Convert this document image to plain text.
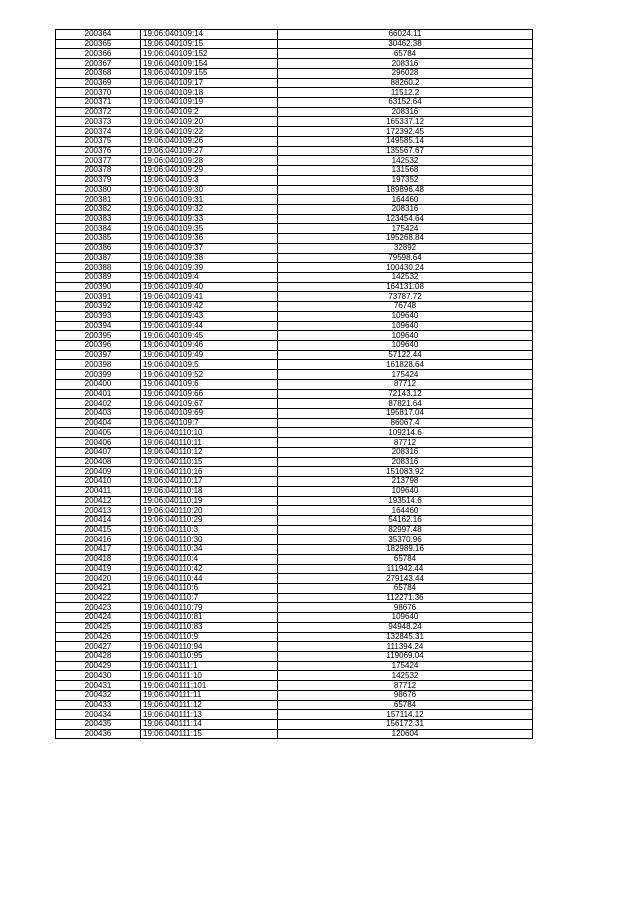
200364	19:06:040109:14	66024.11
200365	19:06:040109:15	30462.38
200366	19:06:040109:152	65784
200367	19:06:040109:154	208316
200368	19:06:040109:155	296028
200369	19:06:040109:17	88260.2
200370	19:06:040109:18	11512.2
200371	19:06:040109:19	63152.64
200372	19:06:040109:2	208316
200373	19:06:040109:20	165337.12
200374	19:06:040109:22	172392.45
200375	19:06:040109:26	149585.14
200376	19:06:040109:27	135567.67
200377	19:06:040109:28	142532
200378	19:06:040109:29	131568
200379	19:06:040109:3	197352
200380	19:06:040109:30	189896.48
200381	19:06:040109:31	164460
200382	19:06:040109:32	208316
200383	19:06:040109:33	123454.64
200384	19:06:040109:35	175424
200385	19:06:040109:36	195268.84
200386	19:06:040109:37	32892
200387	19:06:040109:38	79598.64
200388	19:06:040109:39	100430.24
200389	19:06:040109:4	142532
200390	19:06:040109:40	164131.08
200391	19:06:040109:41	73787.72
200392	19:06:040109:42	76748
200393	19:06:040109:43	109640
200394	19:06:040109:44	109640
200395	19:06:040109:45	109640
200396	19:06:040109:46	109640
200397	19:06:040109:49	57122.44
200398	19:06:040109:5	161828.64
200399	19:06:040109:52	175424
200400	19:06:040109:6	87712
200401	19:06:040109:66	72143.12
200402	19:06:040109:67	87821.64
200403	19:06:040109:69	195817.04
200404	19:06:040109:7	86067.4
200405	19:06:040110:10	109214.6
200406	19:06:040110:11	87712
200407	19:06:040110:12	208316
200408	19:06:040110:15	208316
200409	19:06:040110:16	151083.92
200410	19:06:040110:17	213798
200411	19:06:040110:18	109640
200412	19:06:040110:19	193514.6
200413	19:06:040110:20	164460
200414	19:06:040110:29	54162.16
200415	19:06:040110:3	82997.48
200416	19:06:040110:30	35370.96
200417	19:06:040110:34	182989.16
200418	19:06:040110:4	65784
200419	19:06:040110:42	111942.44
200420	19:06:040110:44	279143.44
200421	19:06:040110:6	65784
200422	19:06:040110:7	112271.36
200423	19:06:040110:79	98676
200424	19:06:040110:81	109640
200425	19:06:040110:83	94948.24
200426	19:06:040110:9	132845.31
200427	19:06:040110:94	111394.24
200428	19:06:040110:95	119069.04
200429	19:06:040111:1	175424
200430	19:06:040111:10	142532
200431	19:06:040111:101	87712
200432	19:06:040111:11	98676
200433	19:06:040111:12	65784
200434	19:06:040111:13	157114.12
200435	19:06:040111:14	156172.31
200436	19:06:040111:15	120604
